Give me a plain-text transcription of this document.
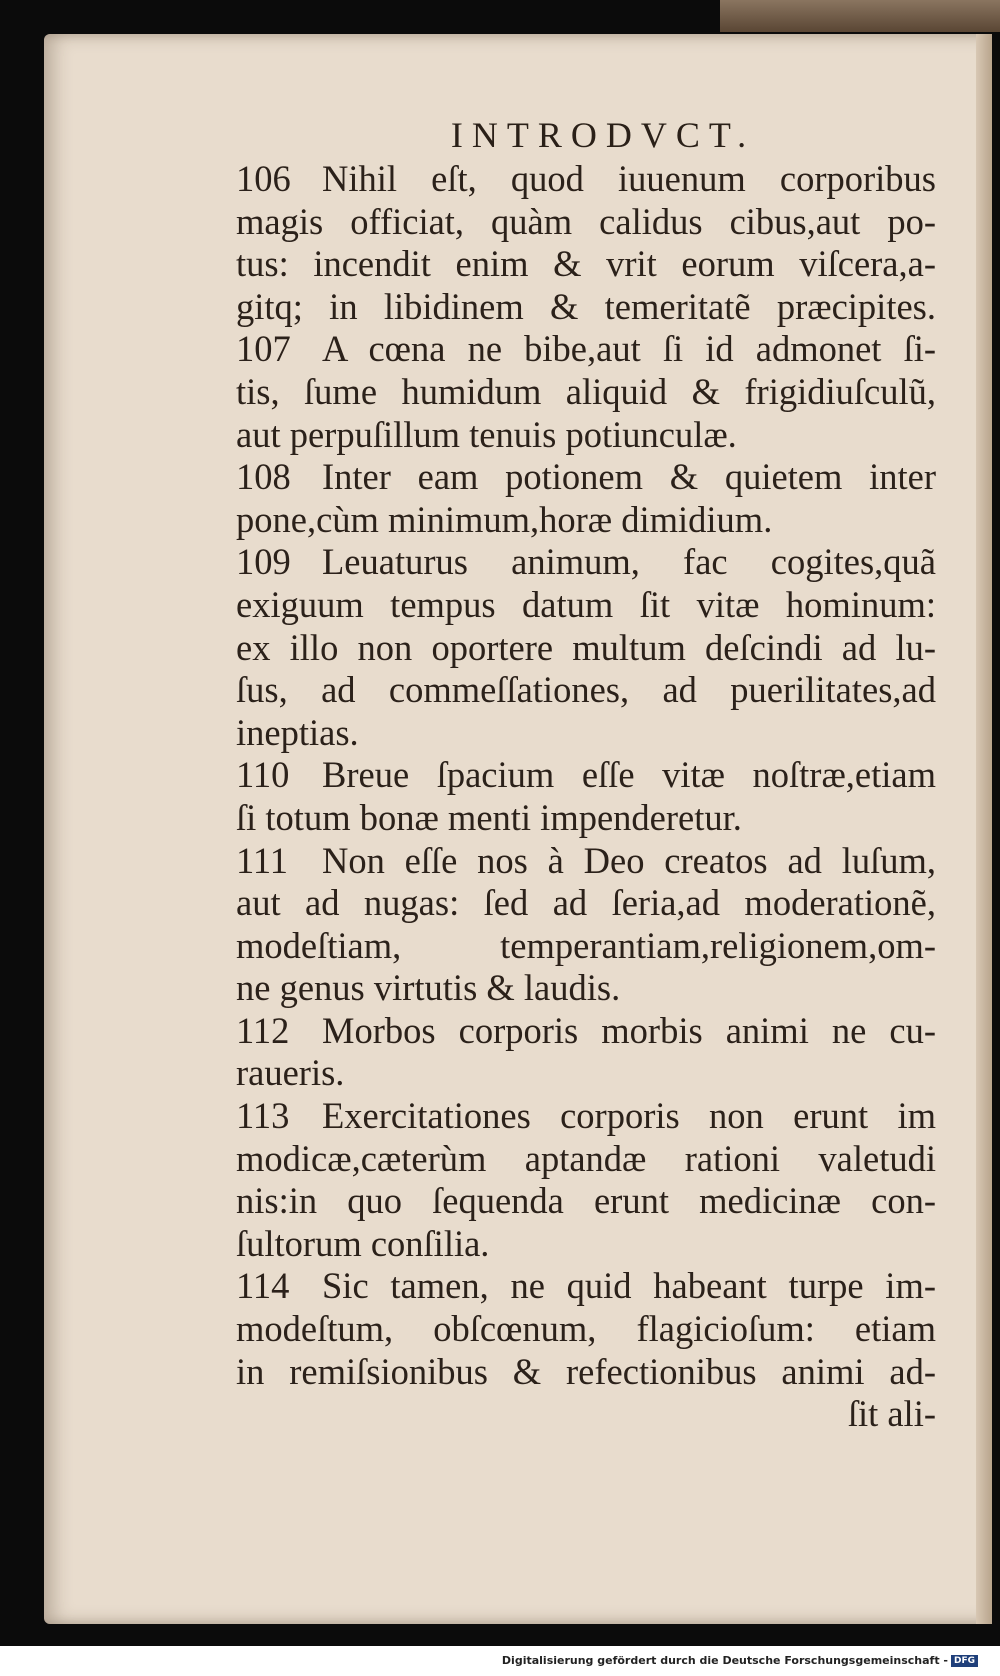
INTRODVCT.
106 Nihil eſt, quod iuuenum corporibus
magis officiat, quàm calidus cibus,aut po-
tus: incendit enim & vrit eorum viſcera,a-
gitq; in libidinem & temeritatẽ præcipites.
107 A cœna ne bibe,aut ſi id admonet ſi-
tis, ſume humidum aliquid & frigidiuſculũ,
aut perpuſillum tenuis potiunculæ.
108 Inter eam potionem & quietem inter
pone,cùm minimum,horæ dimidium.
109 Leuaturus animum, fac cogites,quã
exiguum tempus datum ſit vitæ hominum:
ex illo non oportere multum deſcindi ad lu-
ſus, ad commeſſationes, ad puerilitates,ad
ineptias.
110 Breue ſpacium eſſe vitæ noſtræ,etiam
ſi totum bonæ menti impenderetur.
111 Non eſſe nos à Deo creatos ad luſum,
aut ad nugas: ſed ad ſeria,ad moderationẽ,
modeſtiam, temperantiam,religionem,om-
ne genus virtutis & laudis.
112 Morbos corporis morbis animi ne cu-
raueris.
113 Exercitationes corporis non erunt im
modicæ,cæterùm aptandæ rationi valetudi
nis:in quo ſequenda erunt medicinæ con-
ſultorum conſilia.
114 Sic tamen, ne quid habeant turpe im-
modeſtum, obſcœnum, flagicioſum: etiam
in remiſsionibus & refectionibus animi ad-
ſit ali-
Digitalisierung gefördert durch die Deutsche Forschungsgemeinschaft - DFG
